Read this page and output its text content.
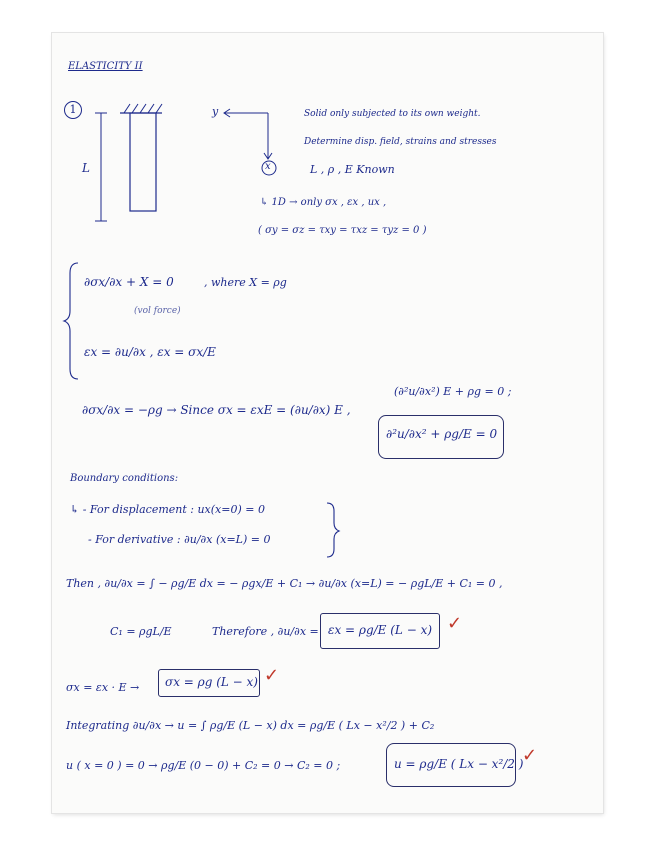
ELASTICITY II
1
L
y
x
Solid only subjected to its own weight.
Determine disp. field, strains and stresses
L , ρ , E Known
↳ 1D → only σx , εx , ux ,
( σy = σz = τxy = τxz = τyz = 0 )
∂σx/∂x + X = 0	, where X = ρg
(vol force)
εx = ∂u/∂x , εx = σx/E
∂σx/∂x = −ρg → Since σx = εxE = (∂u/∂x) E ,
(∂²u/∂x²) E + ρg = 0 ;
∂²u/∂x² + ρg/E = 0
Boundary conditions:
↳ - For displacement : ux(x=0) = 0
- For derivative : ∂u/∂x (x=L) = 0
Then , ∂u/∂x = ∫ − ρg/E dx = − ρgx/E + C₁ → ∂u/∂x (x=L) = − ρgL/E + C₁ = 0 ,
C₁ = ρgL/E	Therefore , ∂u/∂x = εx = ρg/E (L − x) ✓
σx = εx · E → σx = ρg (L − x) ✓
Integrating ∂u/∂x → u = ∫ ρg/E (L − x) dx = ρg/E ( Lx − x²/2 ) + C₂
u ( x = 0 ) = 0 → ρg/E (0 − 0) + C₂ = 0 → C₂ = 0 ;	u = ρg/E ( Lx − x²/2 )
✓
